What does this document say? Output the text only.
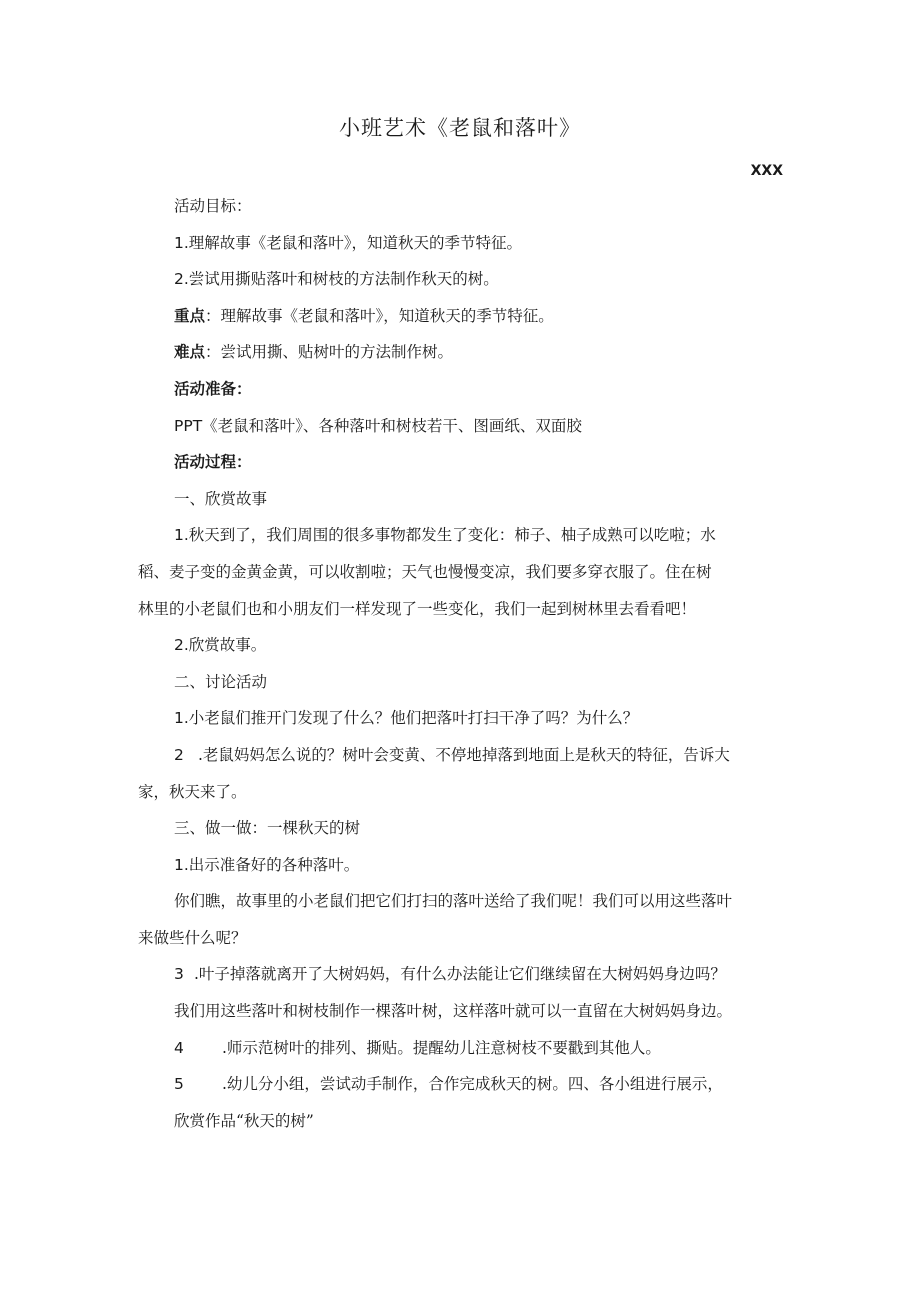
小班艺术《老鼠和落叶》
XXX

活动目标：

1.理解故事《老鼠和落叶》，知道秋天的季节特征。

2.尝试用撕贴落叶和树枝的方法制作秋天的树。

重点：理解故事《老鼠和落叶》，知道秋天的季节特征。

难点：尝试用撕、贴树叶的方法制作树。

活动准备：

PPT《老鼠和落叶》、各种落叶和树枝若干、图画纸、双面胶

活动过程：

一、欣赏故事

1.秋天到了，我们周围的很多事物都发生了变化：柿子、柚子成熟可以吃啦；水

稻、麦子变的金黄金黄，可以收割啦；天气也慢慢变凉，我们要多穿衣服了。住在树

林里的小老鼠们也和小朋友们一样发现了一些变化，我们一起到树林里去看看吧！

2.欣赏故事。

二、讨论活动

1.小老鼠们推开门发现了什么？他们把落叶打扫干净了吗？为什么？

2 .老鼠妈妈怎么说的？树叶会变黄、不停地掉落到地面上是秋天的特征，告诉大

家，秋天来了。

三、做一做：一棵秋天的树

1.出示准备好的各种落叶。

你们瞧，故事里的小老鼠们把它们打扫的落叶送给了我们呢！我们可以用这些落叶

来做些什么呢？

3 .叶子掉落就离开了大树妈妈，有什么办法能让它们继续留在大树妈妈身边吗？

我们用这些落叶和树枝制作一棵落叶树，这样落叶就可以一直留在大树妈妈身边。

4 .师示范树叶的排列、撕贴。提醒幼儿注意树枝不要戳到其他人。

5 .幼儿分小组，尝试动手制作，合作完成秋天的树。四、各小组进行展示，

欣赏作品“秋天的树”
